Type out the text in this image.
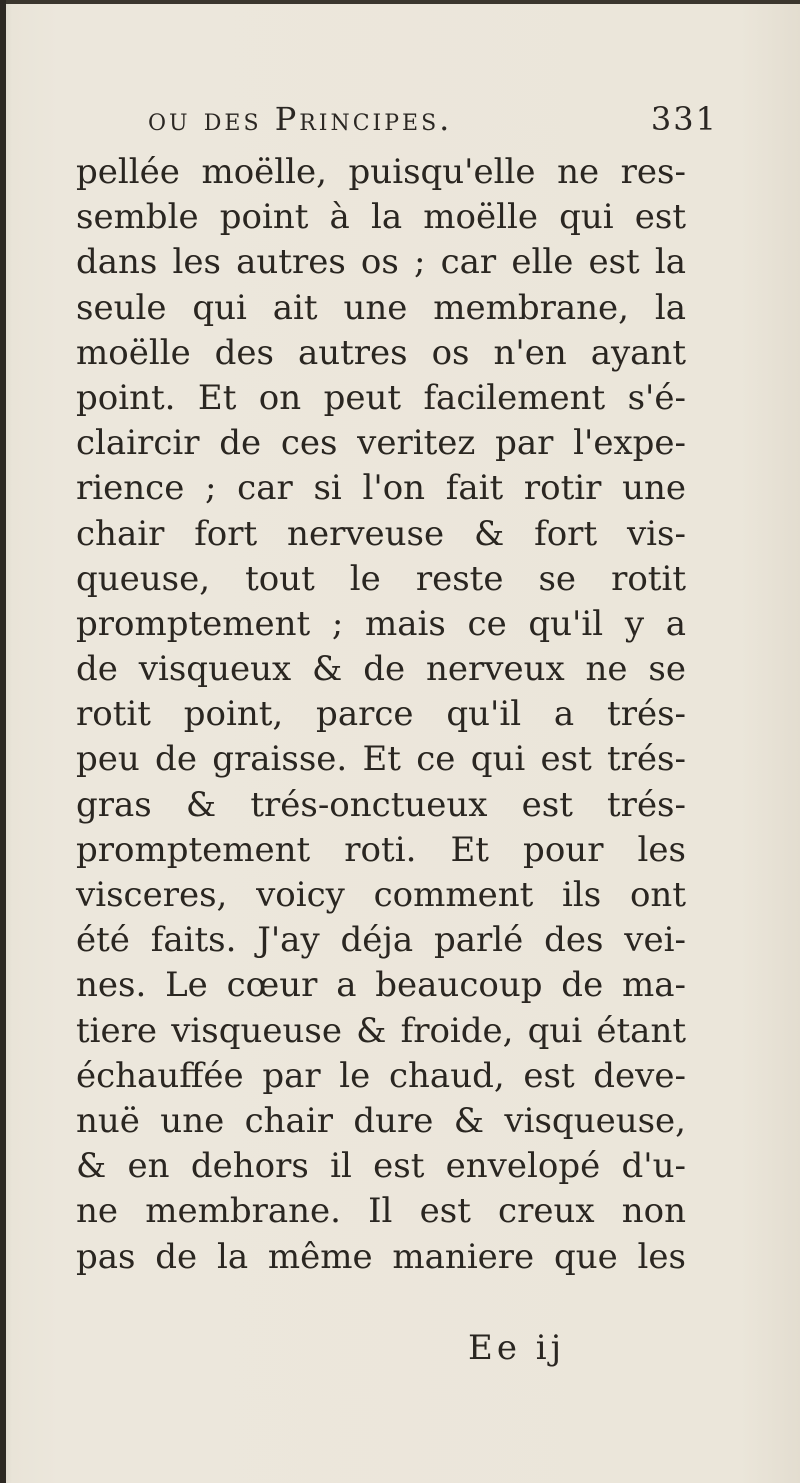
ou des Principes.	331
pellée moëlle, puisqu'elle ne res-
semble point à la moëlle qui est
dans les autres os ; car elle est la
seule qui ait une membrane, la
moëlle des autres os n'en ayant
point. Et on peut facilement s'é-
claircir de ces veritez par l'expe-
rience ; car si l'on fait rotir une
chair fort nerveuse & fort vis-
queuse, tout le reste se rotit
promptement ; mais ce qu'il y a
de visqueux & de nerveux ne se
rotit point, parce qu'il a trés-
peu de graisse. Et ce qui est trés-
gras & trés-onctueux est trés-
promptement roti. Et pour les
visceres, voicy comment ils ont
été faits. J'ay déja parlé des vei-
nes. Le cœur a beaucoup de ma-
tiere visqueuse & froide, qui étant
échauffée par le chaud, est deve-
nuë une chair dure & visqueuse,
& en dehors il est envelopé d'u-
ne membrane. Il est creux non
pas de la même maniere que les
Ee ij
